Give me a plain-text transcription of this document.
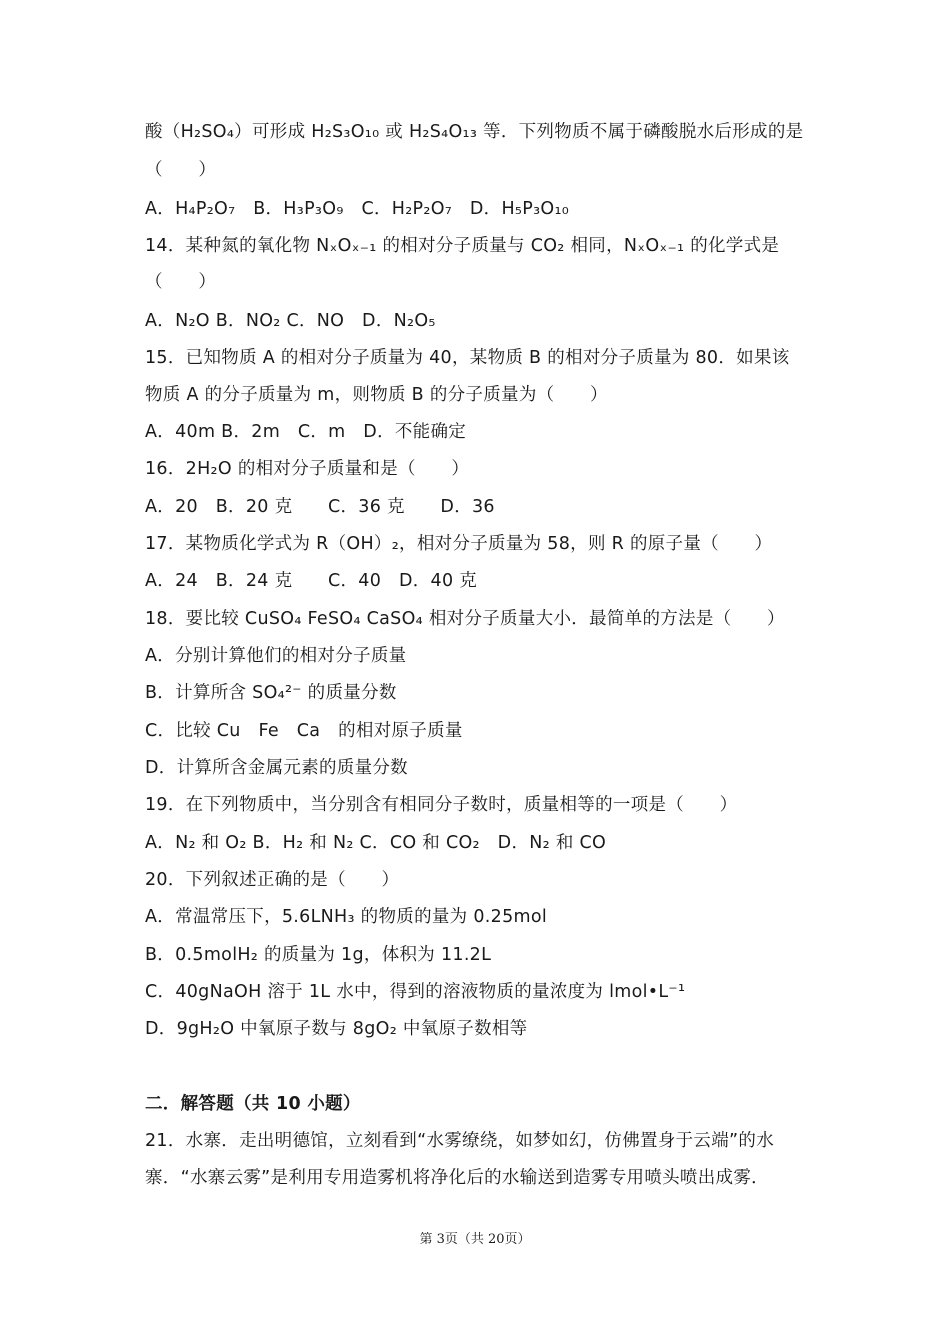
酸（H₂SO₄）可形成 H₂S₃O₁₀ 或 H₂S₄O₁₃ 等．下列物质不属于磷酸脱水后形成的是
（　　）
A．H₄P₂O₇　B．H₃P₃O₉　C．H₂P₂O₇　D．H₅P₃O₁₀
14．某种氮的氧化物 NₓOₓ₋₁ 的相对分子质量与 CO₂ 相同，NₓOₓ₋₁ 的化学式是
（　　）
A．N₂O B．NO₂ C．NO　D．N₂O₅
15．已知物质 A 的相对分子质量为 40，某物质 B 的相对分子质量为 80．如果该
物质 A 的分子质量为 m，则物质 B 的分子质量为（　　）
A．40m B．2m　C．m　D．不能确定
16．2H₂O 的相对分子质量和是（　　）
A．20　B．20 克　　C．36 克　　D．36
17．某物质化学式为 R（OH）₂，相对分子质量为 58，则 R 的原子量（　　）
A．24　B．24 克　　C．40　D．40 克
18．要比较 CuSO₄ FeSO₄ CaSO₄ 相对分子质量大小．最简单的方法是（　　）
A．分别计算他们的相对分子质量
B．计算所含 SO₄²⁻ 的质量分数
C．比较 Cu　Fe　Ca　的相对原子质量
D．计算所含金属元素的质量分数
19．在下列物质中，当分别含有相同分子数时，质量相等的一项是（　　）
A．N₂ 和 O₂ B．H₂ 和 N₂ C．CO 和 CO₂　D．N₂ 和 CO
20．下列叙述正确的是（　　）
A．常温常压下，5.6LNH₃ 的物质的量为 0.25mol
B．0.5molH₂ 的质量为 1g，体积为 11.2L
C．40gNaOH 溶于 1L 水中，得到的溶液物质的量浓度为 lmol•L⁻¹
D．9gH₂O 中氧原子数与 8gO₂ 中氧原子数相等
二．解答题（共 10 小题）
21．水寨．走出明德馆，立刻看到“水雾缭绕，如梦如幻，仿佛置身于云端”的水
寨．“水寨云雾”是利用专用造雾机将净化后的水输送到造雾专用喷头喷出成雾．
第 3页（共 20页）
